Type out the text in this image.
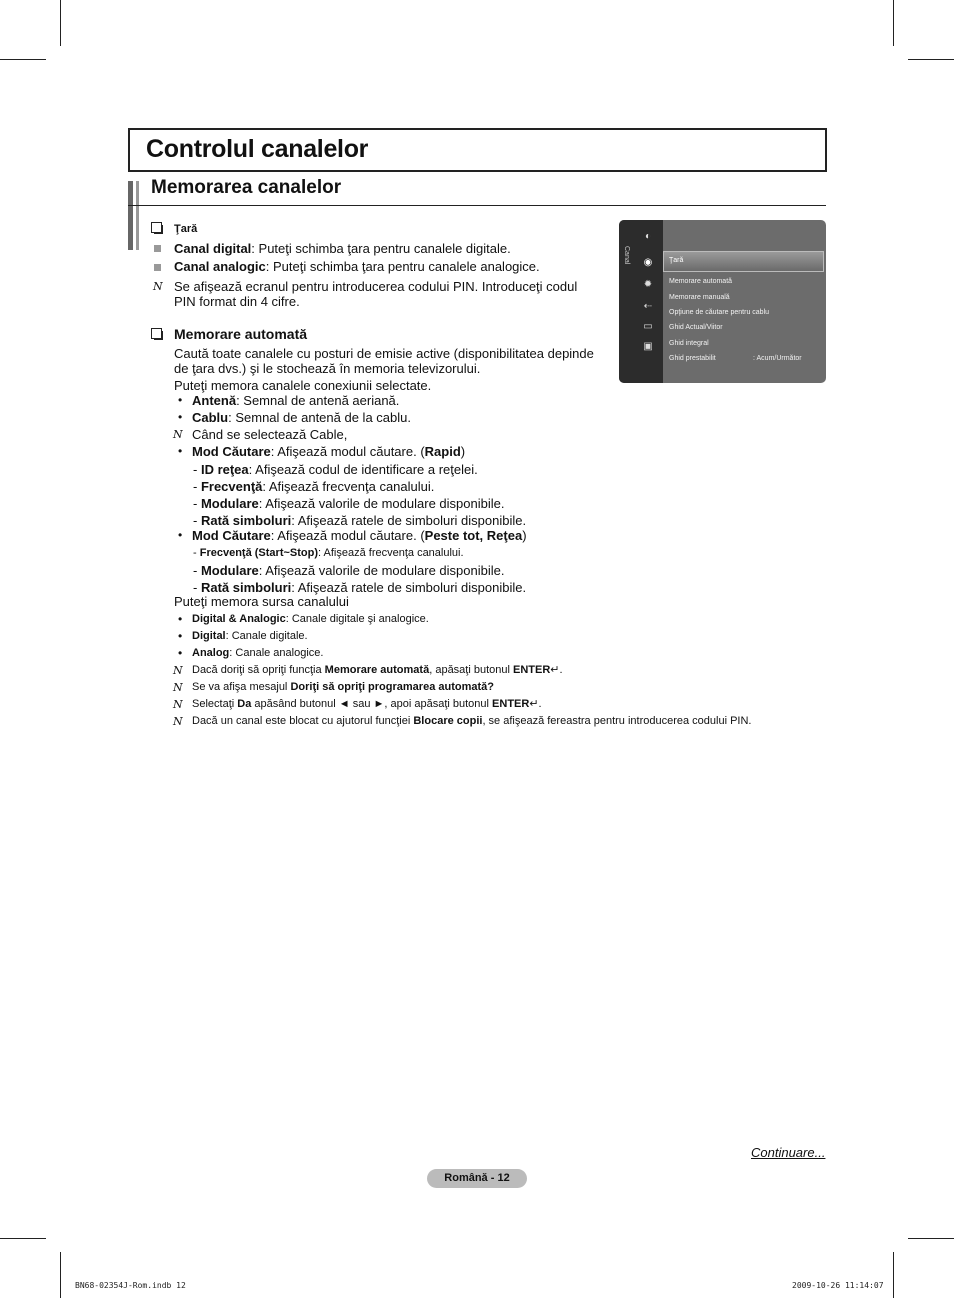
Controlul canalelor
Memorarea canalelor
Ţară
Canal digital: Puteţi schimba ţara pentru canalele digitale.
Canal analogic: Puteţi schimba ţara pentru canalele analogice.
N Se afişează ecranul pentru introducerea codului PIN. Introduceţi codul
PIN format din 4 cifre.
Memorare automată
Caută toate canalele cu posturi de emisie active (disponibilitatea depinde
de ţara dvs.) şi le stochează în memoria televizorului.
Puteţi memora canalele conexiunii selectate.
• Antenă: Semnal de antenă aeriană.
• Cablu: Semnal de antenă de la cablu.
N Când se selectează Cable,
• Mod Căutare: Afişează modul căutare. (Rapid)
- ID reţea: Afişează codul de identificare a reţelei.
- Frecvenţă: Afişează frecvenţa canalului.
- Modulare: Afişează valorile de modulare disponibile.
- Rată simboluri: Afişează ratele de simboluri disponibile.
• Mod Căutare: Afişează modul căutare. (Peste tot, Reţea)
- Frecvenţă (Start~Stop): Afişează frecvenţa canalului.
- Modulare: Afişează valorile de modulare disponibile.
- Rată simboluri: Afişează ratele de simboluri disponibile.
Puteţi memora sursa canalului
• Digital & Analogic: Canale digitale şi analogice.
• Digital: Canale digitale.
• Analog: Canale analogice.
N Dacă doriţi să opriţi funcţia Memorare automată, apăsaţi butonul ENTER↵.
N Se va afişa mesajul Doriţi să opriţi programarea automată?
N Selectaţi Da apăsând butonul ◄ sau ►, apoi apăsaţi butonul ENTER↵.
N Dacă un canal este blocat cu ajutorul funcţiei Blocare copii, se afişează fereastra pentru introducerea codului PIN.
Canal
◐
◉
✹
⇠
▭
▣
Ţară
Memorare automată
Memorare manuală
Opţiune de căutare pentru cablu
Ghid Actual/Viitor
Ghid integral
Ghid prestabilit	: Acum/Următor
Continuare...
Română - 12
BN68-02354J-Rom.indb 12	2009-10-26 11:14:07
